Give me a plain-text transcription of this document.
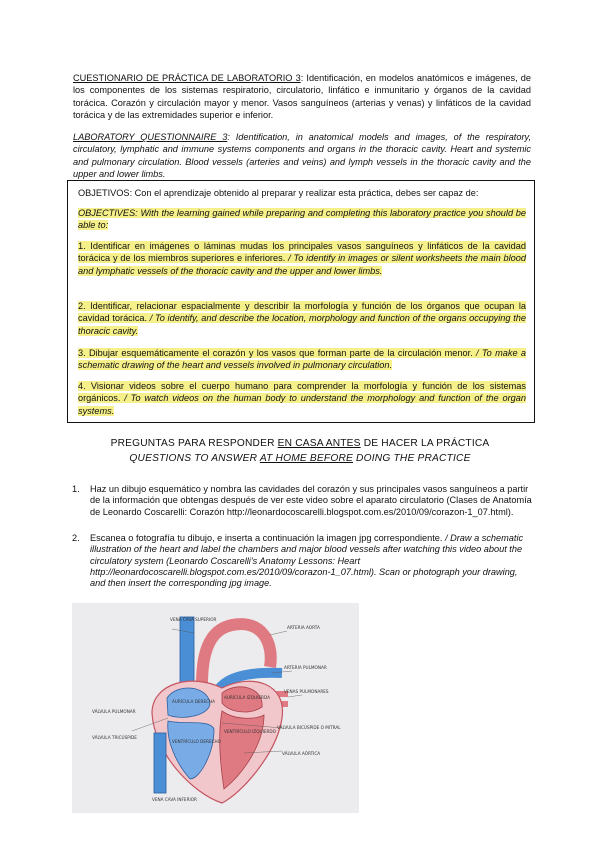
CUESTIONARIO DE PRÁCTICA DE LABORATORIO 3: Identificación, en modelos anatómicos e imágenes, de los componentes de los sistemas respiratorio, circulatorio, linfático e inmunitario y órganos de la cavidad torácica. Corazón y circulación mayor y menor. Vasos sanguíneos (arterias y venas) y linfáticos de la cavidad torácica y de las extremidades superior e inferior.
LABORATORY QUESTIONNAIRE 3: Identification, in anatomical models and images, of the respiratory, circulatory, lymphatic and immune systems components and organs in the thoracic cavity. Heart and systemic and pulmonary circulation. Blood vessels (arteries and veins) and lymph vessels in the thoracic cavity and the upper and lower limbs.
OBJETIVOS: Con el aprendizaje obtenido al preparar y realizar esta práctica, debes ser capaz de:
OBJECTIVES: With the learning gained while preparing and completing this laboratory practice you should be able to:
1. Identificar en imágenes o láminas mudas los principales vasos sanguíneos y linfáticos de la cavidad torácica y de los miembros superiores e inferiores. / To identify in images or silent worksheets the main blood and lymphatic vessels of the thoracic cavity and the upper and lower limbs.
2. Identificar, relacionar espacialmente y describir la morfología y función de los órganos que ocupan la cavidad torácica. / To identify, and describe the location, morphology and function of the organs occupying the thoracic cavity.
3. Dibujar esquemáticamente el corazón y los vasos que forman parte de la circulación menor. / To make a schematic drawing of the heart and vessels involved in pulmonary circulation.
4. Visionar videos sobre el cuerpo humano para comprender la morfología y función de los sistemas orgánicos. / To watch videos on the human body to understand the morphology and function of the organ systems.
PREGUNTAS PARA RESPONDER EN CASA ANTES DE HACER LA PRÁCTICA QUESTIONS TO ANSWER AT HOME BEFORE DOING THE PRACTICE
1. Haz un dibujo esquemático y nombra las cavidades del corazón y sus principales vasos sanguíneos a partir de la información que obtengas después de ver este video sobre el aparato circulatorio (Clases de Anatomía de Leonardo Coscarelli: Corazón http://leonardocoscarelli.blogspot.com.es/2010/09/corazon-1_07.html).
2. Escanea o fotografía tu dibujo, e inserta a continuación la imagen jpg correspondiente. / Draw a schematic illustration of the heart and label the chambers and major blood vessels after watching this video about the circulatory system (Leonardo Coscarelli's Anatomy Lessons: Heart http://leonardocoscarelli.blogspot.com.es/2010/09/corazon-1_07.html). Scan or photograph your drawing, and then insert the corresponding jpg image.
VENA CAVA SUPERIOR
ARTERIA AORTA
ARTERIA PULMONAR
VENAS PULMONARES
AURÍCULA DERECHA
AURÍCULA IZQUIERDA
VÁLVULA PULMONAR
VÁLVULA TRICÚSPIDE
VENTRÍCULO DERECHO
VENTRÍCULO IZQUIERDO
VÁLVULA BICÚSPIDE O MITRAL
VÁLVULA AÓRTICA
VENA CAVA INFERIOR
